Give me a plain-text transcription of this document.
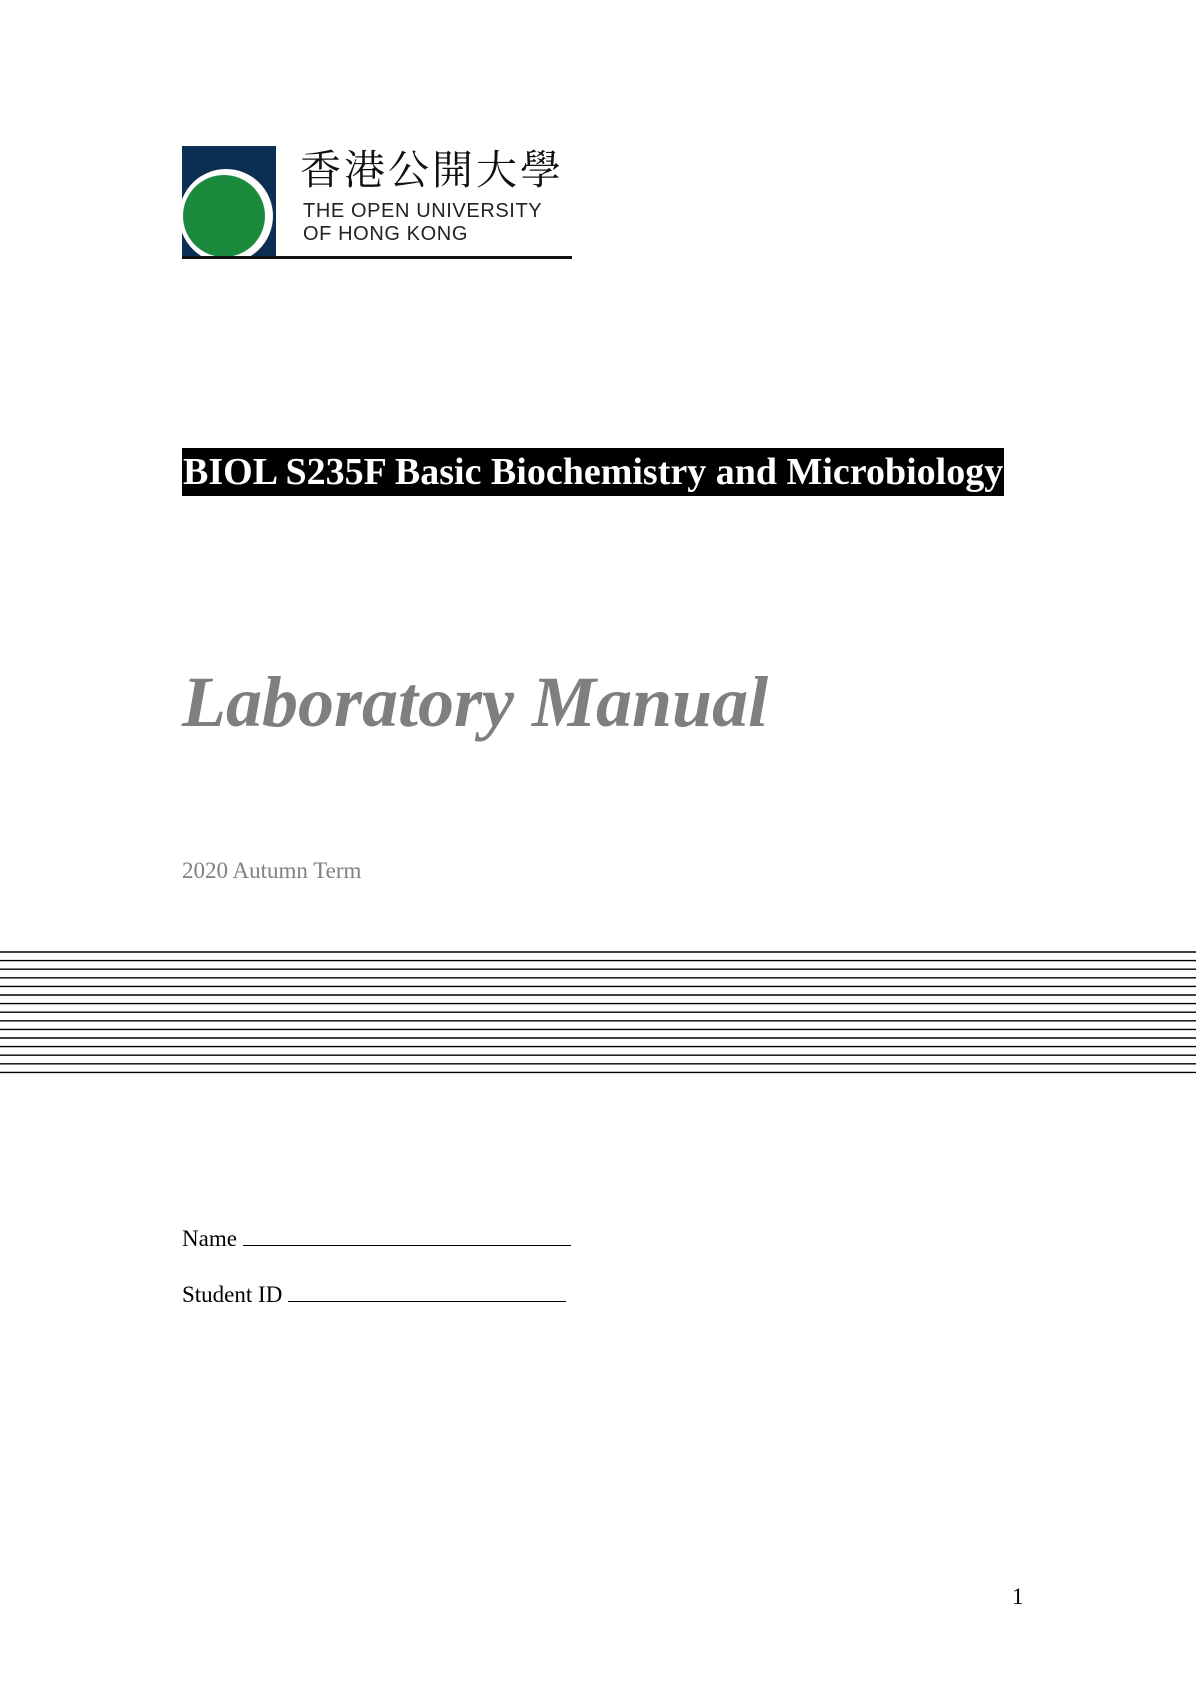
香港公開大學
THE OPEN UNIVERSITY
OF HONG KONG
BIOL S235F Basic Biochemistry and Microbiology
Laboratory Manual
2020 Autumn Term
Name
Student ID
1
